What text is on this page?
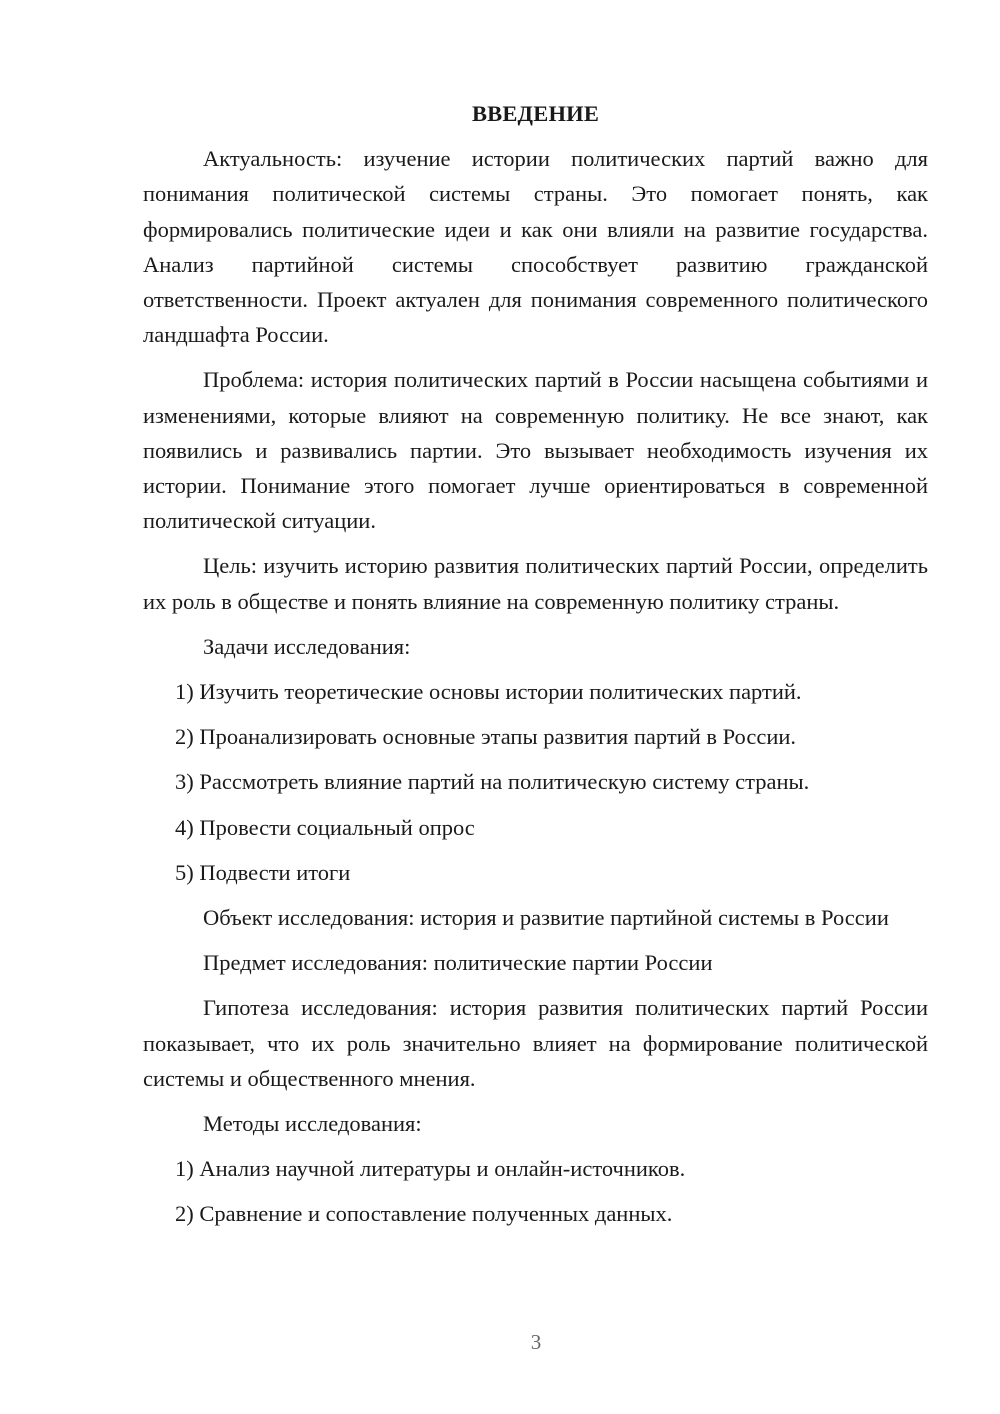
ВВЕДЕНИЕ

Актуальность: изучение истории политических партий важно для понимания политической системы страны. Это помогает понять, как формировались политические идеи и как они влияли на развитие государства. Анализ партийной системы способствует развитию гражданской ответственности. Проект актуален для понимания современного политического ландшафта России.

Проблема: история политических партий в России насыщена событиями и изменениями, которые влияют на современную политику. Не все знают, как появились и развивались партии. Это вызывает необходимость изучения их истории. Понимание этого помогает лучше ориентироваться в современной политической ситуации.

Цель: изучить историю развития политических партий России, определить их роль в обществе и понять влияние на современную политику страны.

Задачи исследования:

1) Изучить теоретические основы истории политических партий.

2) Проанализировать основные этапы развития партий в России.

3) Рассмотреть влияние партий на политическую систему страны.

4) Провести социальный опрос

5) Подвести итоги

Объект исследования: история и развитие партийной системы в России

Предмет исследования: политические партии России

Гипотеза исследования: история развития политических партий России показывает, что их роль значительно влияет на формирование политической системы и общественного мнения.

Методы исследования:

1) Анализ научной литературы и онлайн-источников.

2) Сравнение и сопоставление полученных данных.

3
